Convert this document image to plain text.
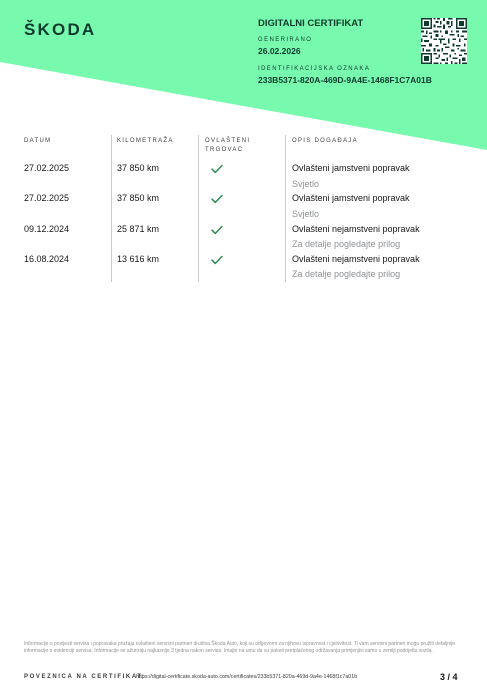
ŠKODA	DIGITALNI CERTIFIKAT
GENERIRANO
26.02.2026
IDENTIFIKACIJSKA OZNAKA
233B5371-820A-469D-9A4E-1468F1C7A01B
DATUM	KILOMETRAŽA	OVLAŠTENI
TRGOVAC
OPIS DOGAĐAJA
27.02.2025	37 850 km	Ovlašteni jamstveni popravak
Svjetlo
27.02.2025	37 850 km	Ovlašteni jamstveni popravak
Svjetlo
09.12.2024	25 871 km	Ovlašteni nejamstveni popravak
Za detalje pogledajte prilog
16.08.2024	13 616 km	Ovlašteni nejamstveni popravak
Za detalje pogledajte prilog
Informacije o povijesti servisa i popravaka pružaju ovlašteni servisni partneri društva Škoda Auto, koji su odgovorni za njihovu ispravnost i cjelovitost. Ti vam servisni partneri mogu pružiti detaljnije informacije o evidenciji servisa. Informacije se ažuriraju najkasnije 3 tjedna nakon servisa. Imajte na umu da su paketi pretplaćenog održavanja primjenjivi samo u zemlji podrijetla vozila.
POVEZNICA NA CERTIFIKAT:
https://digital-certificate.skoda-auto.com/certificates/233b5371-820a-469d-9a4e-1468f1c7a01b	3 / 4
